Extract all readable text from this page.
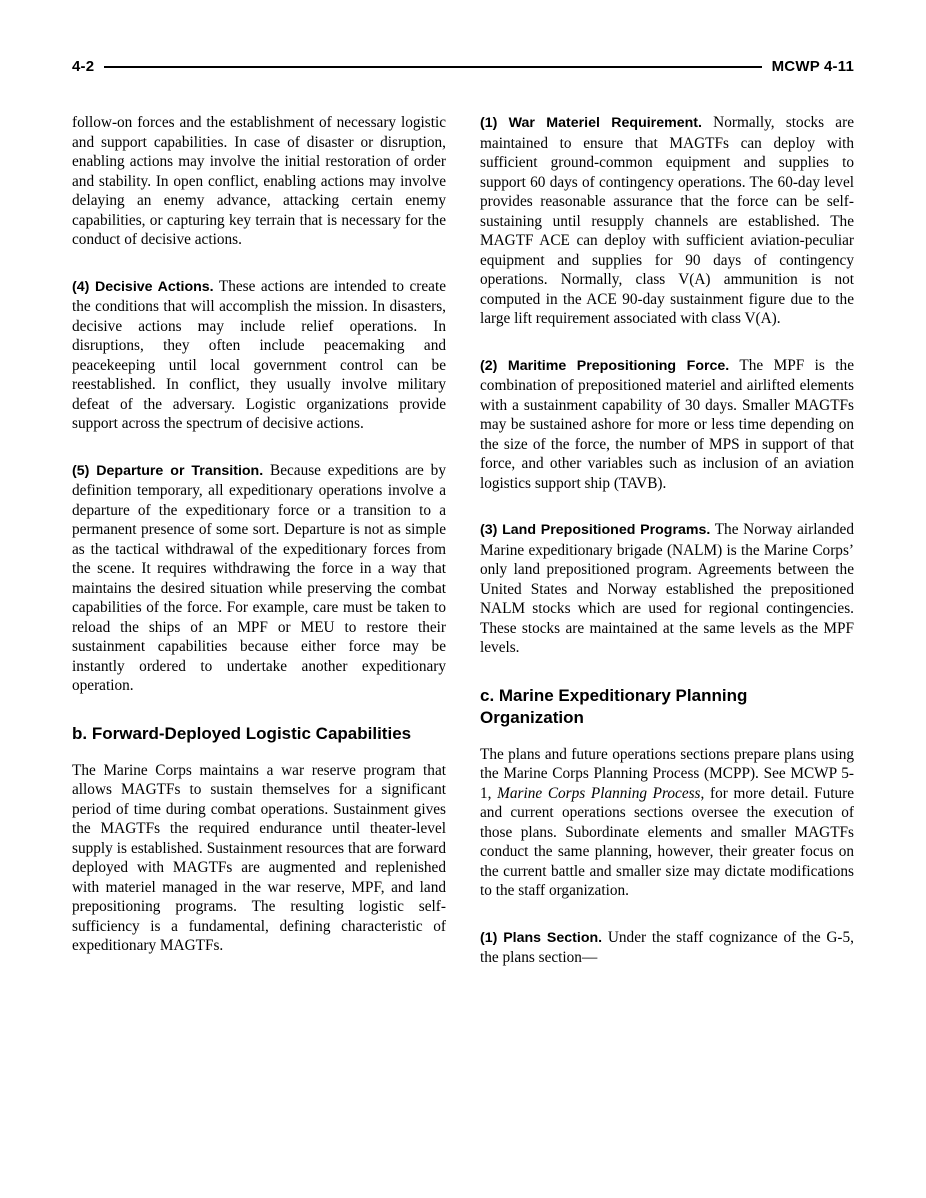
4-2	MCWP 4-11

follow-on forces and the establishment of necessary logistic and support capabilities. In case of disaster or disruption, enabling actions may involve the initial restoration of order and stability. In open conflict, enabling actions may involve delaying an enemy advance, attacking certain enemy capabilities, or capturing key terrain that is necessary for the conduct of decisive actions.

(4) Decisive Actions. These actions are intended to create the conditions that will accomplish the mission. In disasters, decisive actions may include relief operations. In disruptions, they often include peacemaking and peacekeeping until local government control can be reestablished. In conflict, they usually involve military defeat of the adversary. Logistic organizations provide support across the spectrum of decisive actions.

(5) Departure or Transition. Because expeditions are by definition temporary, all expeditionary operations involve a departure of the expeditionary force or a transition to a permanent presence of some sort. Departure is not as simple as the tactical withdrawal of the expeditionary forces from the scene. It requires withdrawing the force in a way that maintains the desired situation while preserving the combat capabilities of the force. For example, care must be taken to reload the ships of an MPF or MEU to restore their sustainment capabilities because either force may be instantly ordered to undertake another expeditionary operation.

b. Forward-Deployed Logistic Capabilities

The Marine Corps maintains a war reserve program that allows MAGTFs to sustain themselves for a significant period of time during combat operations. Sustainment gives the MAGTFs the required endurance until theater-level supply is established. Sustainment resources that are forward deployed with MAGTFs are augmented and replenished with materiel managed in the war reserve, MPF, and land prepositioning programs. The resulting logistic self-sufficiency is a fundamental, defining characteristic of expeditionary MAGTFs.

(1) War Materiel Requirement. Normally, stocks are maintained to ensure that MAGTFs can deploy with sufficient ground-common equipment and supplies to support 60 days of contingency operations. The 60-day level provides reasonable assurance that the force can be self-sustaining until resupply channels are established. The MAGTF ACE can deploy with sufficient aviation-peculiar equipment and supplies for 90 days of contingency operations. Normally, class V(A) ammunition is not computed in the ACE 90-day sustainment figure due to the large lift requirement associated with class V(A).

(2) Maritime Prepositioning Force. The MPF is the combination of prepositioned materiel and airlifted elements with a sustainment capability of 30 days. Smaller MAGTFs may be sustained ashore for more or less time depending on the size of the force, the number of MPS in support of that force, and other variables such as inclusion of an aviation logistics support ship (TAVB).

(3) Land Prepositioned Programs. The Norway airlanded Marine expeditionary brigade (NALM) is the Marine Corps’ only land prepositioned program. Agreements between the United States and Norway established the prepositioned NALM stocks which are used for regional contingencies. These stocks are maintained at the same levels as the MPF levels.

c. Marine Expeditionary Planning Organization

The plans and future operations sections prepare plans using the Marine Corps Planning Process (MCPP). See MCWP 5-1, Marine Corps Planning Process, for more detail. Future and current operations sections oversee the execution of those plans. Subordinate elements and smaller MAGTFs conduct the same planning, however, their greater focus on the current battle and smaller size may dictate modifications to the staff organization.

(1) Plans Section. Under the staff cognizance of the G-5, the plans section—
